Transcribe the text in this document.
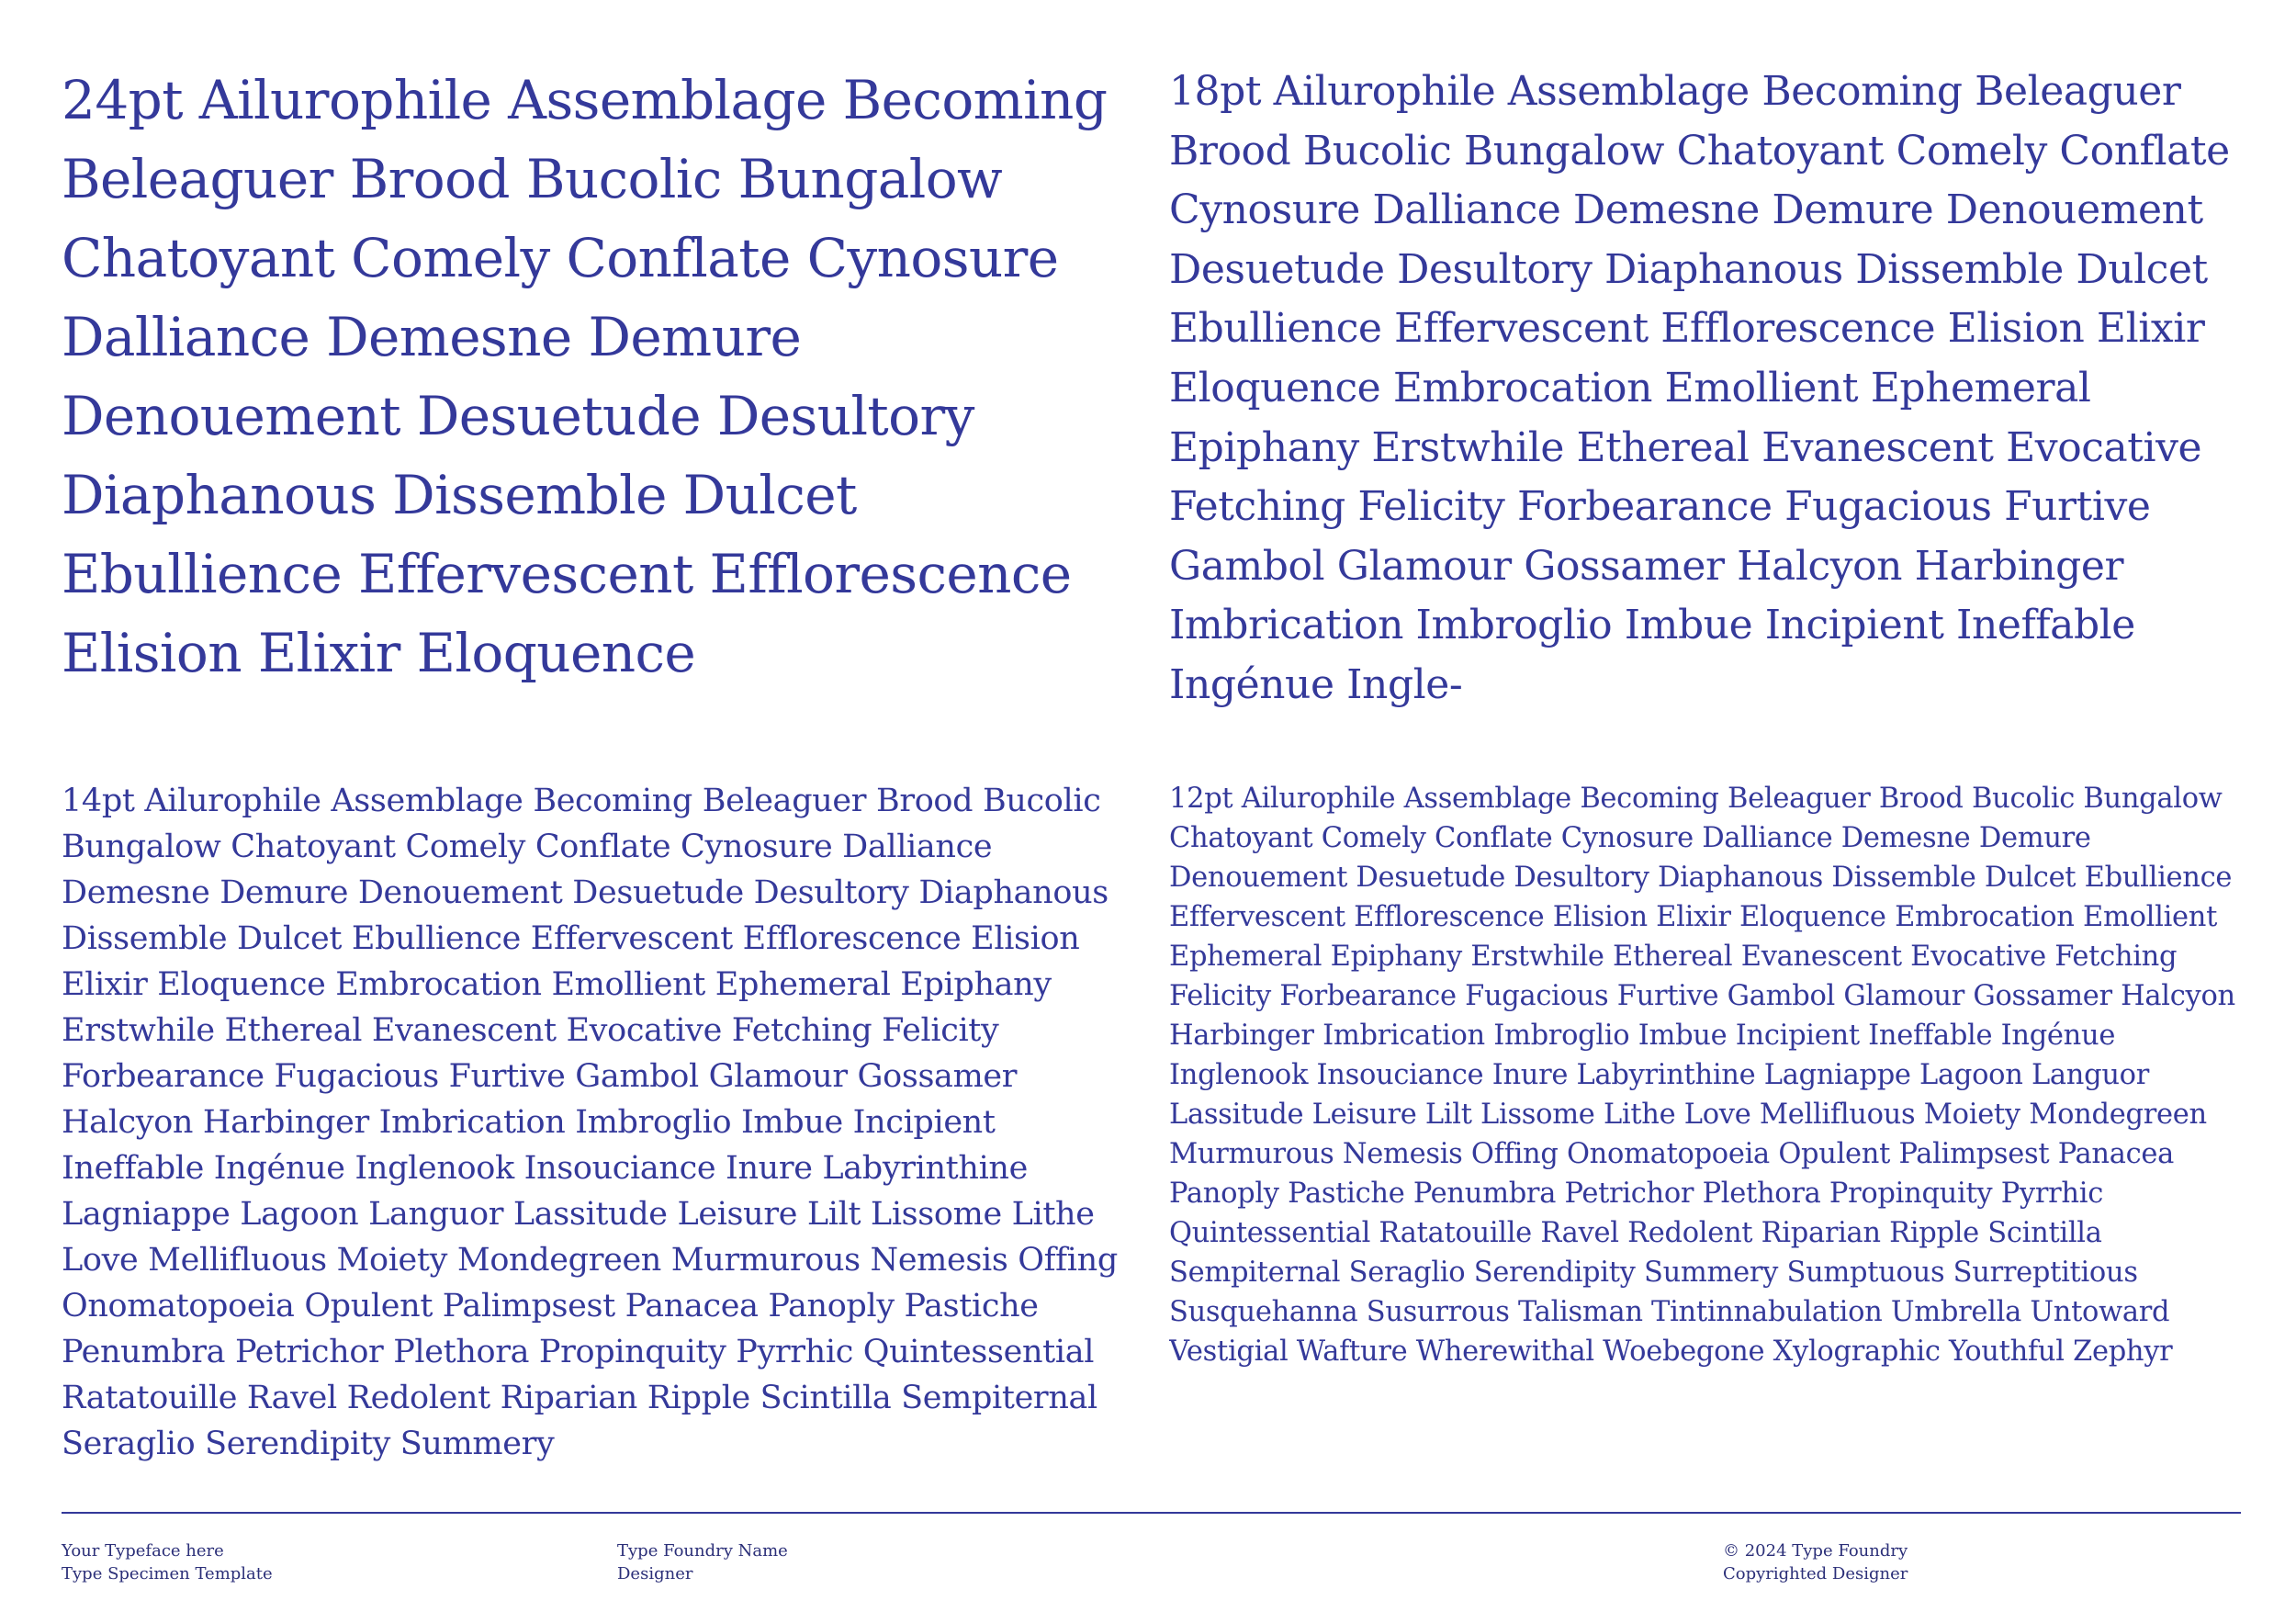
24pt Ailurophile Assemblage Becoming Beleaguer Brood Bucolic Bungalow Chatoyant Comely Conflate Cynosure Dalliance Demesne Demure Denouement Desuetude Desultory Diaphanous Dissemble Dulcet Ebullience Effervescent Efflorescence Elision Elixir Eloquence

18pt Ailurophile Assemblage Becoming Beleaguer Brood Bucolic Bungalow Chatoyant Comely Conflate Cynosure Dalliance Demesne Demure Denouement Desuetude Desultory Diaphanous Dissemble Dulcet Ebullience Effervescent Efflorescence Elision Elixir Eloquence Embrocation Emollient Ephemeral Epiphany Erstwhile Ethereal Evanescent Evocative Fetching Felicity Forbearance Fugacious Furtive Gambol Glamour Gossamer Halcyon Harbinger Imbrication Imbroglio Imbue Incipient Ineffable Ingénue Ingle-

14pt Ailurophile Assemblage Becoming Beleaguer Brood Bucolic Bungalow Chatoyant Comely Conflate Cynosure Dalliance Demesne Demure Denouement Desuetude Desultory Diaphanous Dissemble Dulcet Ebullience Effervescent Efflorescence Elision Elixir Eloquence Embrocation Emollient Ephemeral Epiphany Erstwhile Ethereal Evanescent Evocative Fetching Felicity Forbearance Fugacious Furtive Gambol Glamour Gossamer Halcyon Harbinger Imbrication Imbroglio Imbue Incipient Ineffable Ingénue Inglenook Insouciance Inure Labyrinthine Lagniappe Lagoon Languor Lassitude Leisure Lilt Lissome Lithe Love Mellifluous Moiety Mondegreen Murmurous Nemesis Offing Onomatopoeia Opulent Palimpsest Panacea Panoply Pastiche Penumbra Petrichor Plethora Propinquity Pyrrhic Quintessential Ratatouille Ravel Redolent Riparian Ripple Scintilla Sempiternal Seraglio Serendipity Summery

12pt Ailurophile Assemblage Becoming Beleaguer Brood Bucolic Bungalow Chatoyant Comely Conflate Cynosure Dalliance Demesne Demure Denouement Desuetude Desultory Diaphanous Dissemble Dulcet Ebullience Effervescent Efflorescence Elision Elixir Eloquence Embrocation Emollient Ephemeral Epiphany Erstwhile Ethereal Evanescent Evocative Fetching Felicity Forbearance Fugacious Furtive Gambol Glamour Gossamer Halcyon Harbinger Imbrication Imbroglio Imbue Incipient Ineffable Ingénue Inglenook Insouciance Inure Labyrinthine Lagniappe Lagoon Languor Lassitude Leisure Lilt Lissome Lithe Love Mellifluous Moiety Mondegreen Murmurous Nemesis Offing Onomatopoeia Opulent Palimpsest Panacea Panoply Pastiche Penumbra Petrichor Plethora Propinquity Pyrrhic Quintessential Ratatouille Ravel Redolent Riparian Ripple Scintilla Sempiternal Seraglio Serendipity Summery Sumptuous Surreptitious Susquehanna Susurrous Talisman Tintinnabulation Umbrella Untoward Vestigial Wafture Wherewithal Woebegone Xylographic Youthful Zephyr

Your Typeface here
Type Specimen Template
Type Foundry Name
Designer
© 2024 Type Foundry
Copyrighted Designer
